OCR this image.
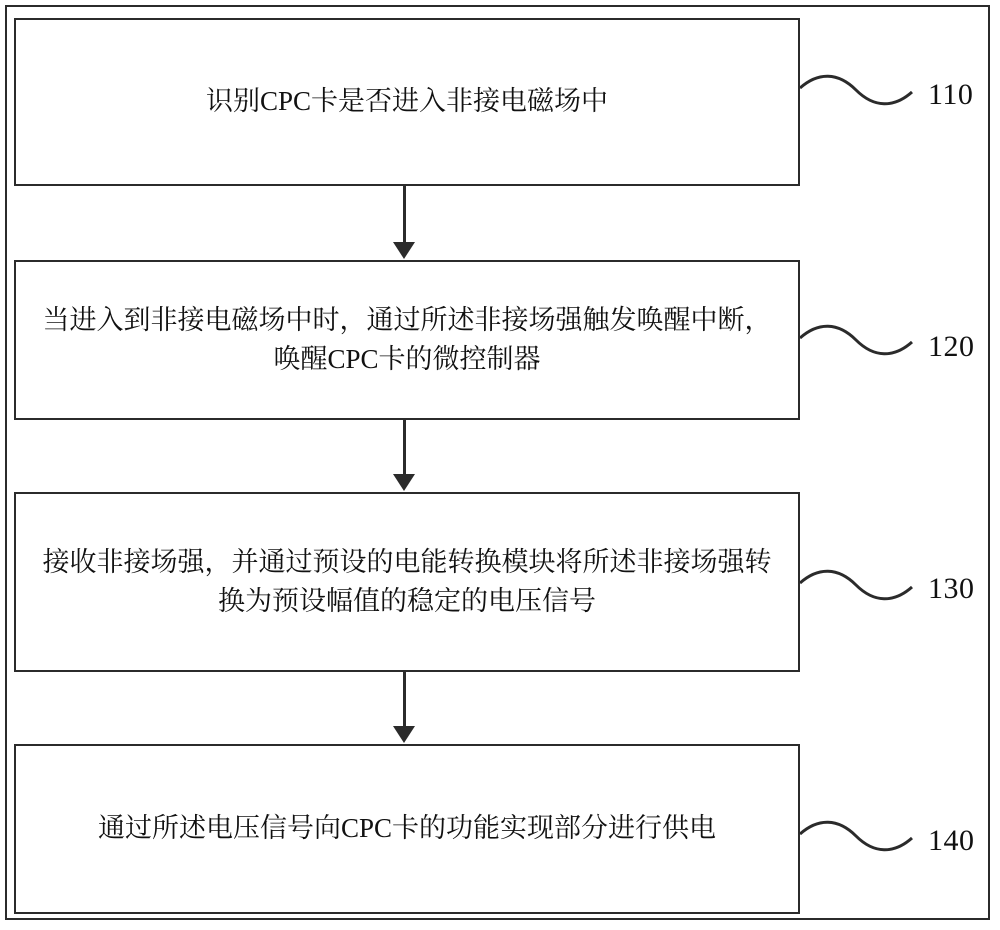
识别CPC卡是否进入非接电磁场中
当进入到非接电磁场中时，通过所述非接场强触发唤醒中断，唤醒CPC卡的微控制器
接收非接场强，并通过预设的电能转换模块将所述非接场强转换为预设幅值的稳定的电压信号
通过所述电压信号向CPC卡的功能实现部分进行供电
110
120
130
140
